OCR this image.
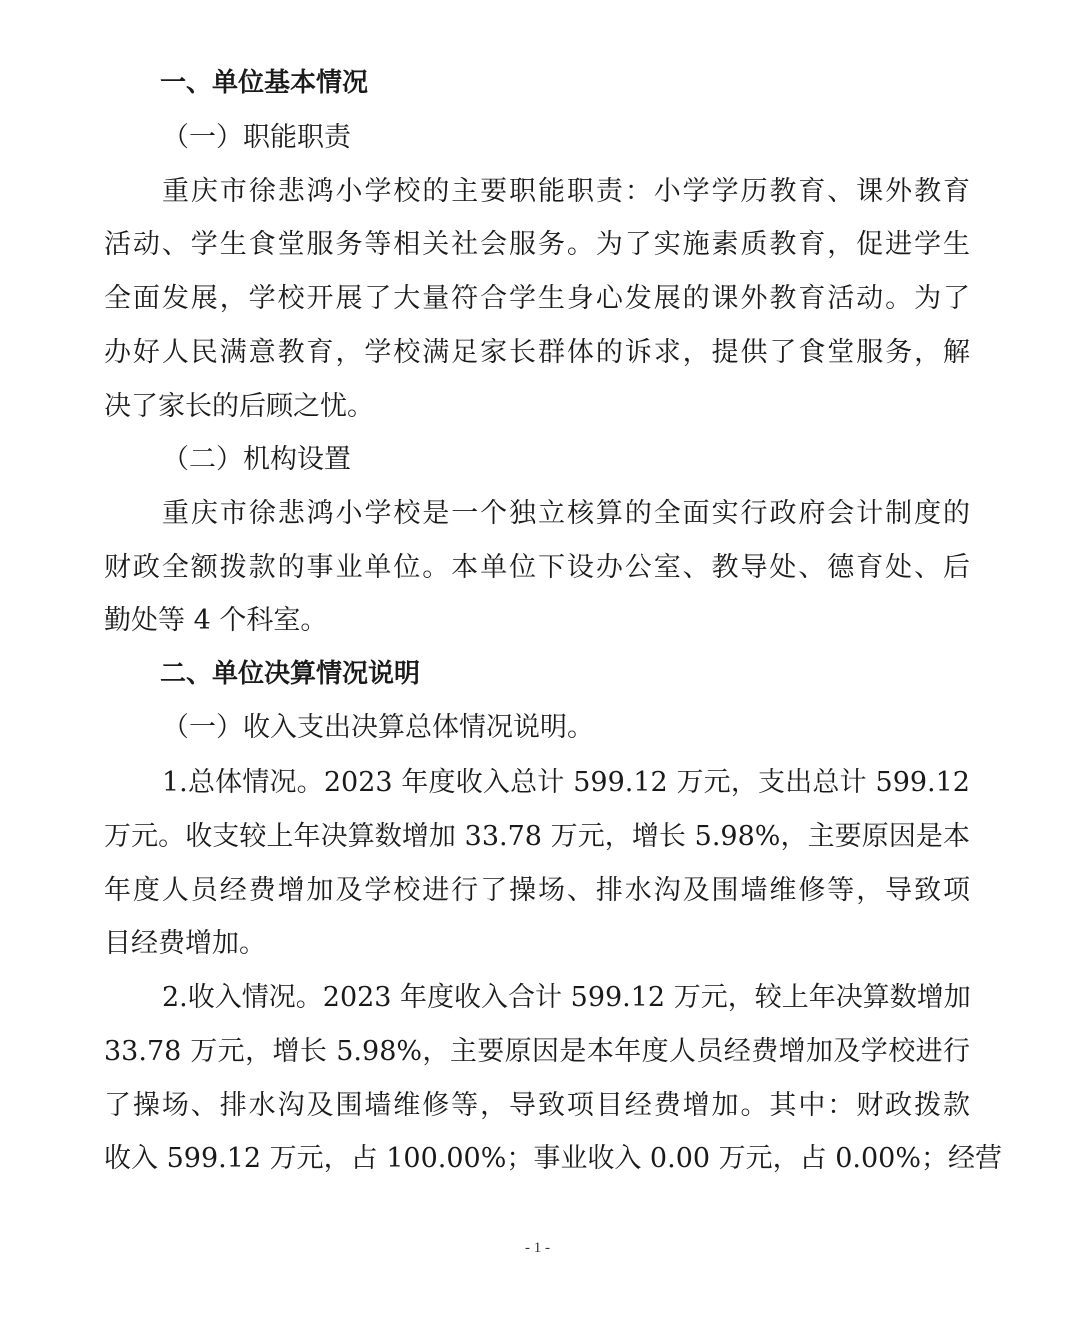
一、单位基本情况
（一）职能职责
重庆市徐悲鸿小学校的主要职能职责：小学学历教育、课外教育
活动、学生食堂服务等相关社会服务。为了实施素质教育，促进学生
全面发展，学校开展了大量符合学生身心发展的课外教育活动。为了
办好人民满意教育，学校满足家长群体的诉求，提供了食堂服务，解
决了家长的后顾之忧。
（二）机构设置
重庆市徐悲鸿小学校是一个独立核算的全面实行政府会计制度的
财政全额拨款的事业单位。本单位下设办公室、教导处、德育处、后
勤处等 4 个科室。
二、单位决算情况说明
（一）收入支出决算总体情况说明。
1.总体情况。2023 年度收入总计 599.12 万元，支出总计 599.12
万元。收支较上年决算数增加 33.78 万元，增长 5.98%，主要原因是本
年度人员经费增加及学校进行了操场、排水沟及围墙维修等，导致项
目经费增加。
2.收入情况。2023 年度收入合计 599.12 万元，较上年决算数增加
33.78 万元，增长 5.98%，主要原因是本年度人员经费增加及学校进行
了操场、排水沟及围墙维修等，导致项目经费增加。其中：财政拨款
收入 599.12 万元，占 100.00%；事业收入 0.00 万元，占 0.00%；经营
- 1 -
